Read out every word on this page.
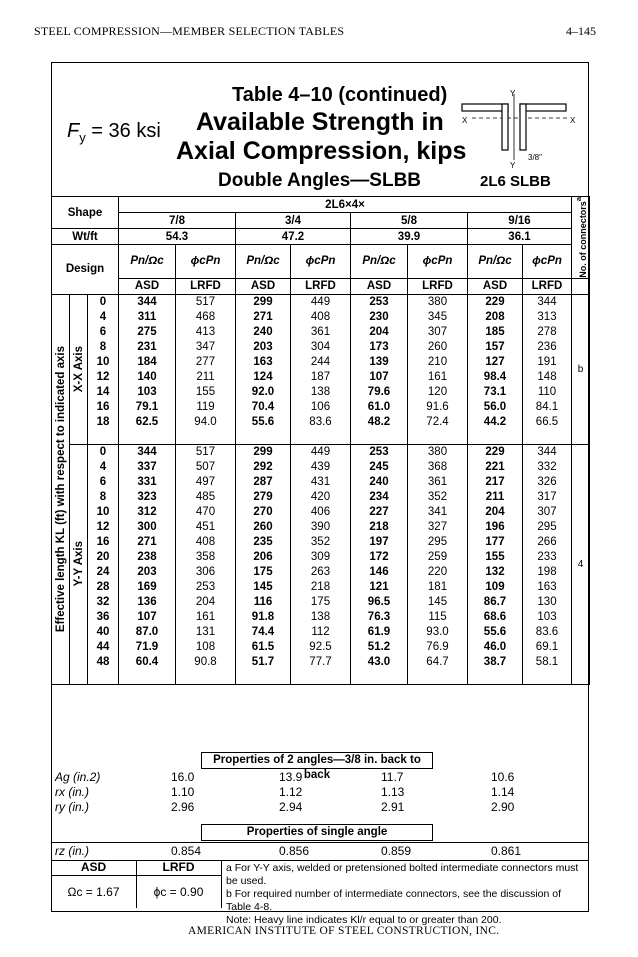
STEEL COMPRESSION—MEMBER SELECTION TABLES	4–145
$F_y = 36$ ksi
Table 4–10 (continued)
Available Strength in
Axial Compression, kips
Double Angles—SLBB	2L6 SLBB
Y
X	X
3/8"
Y
Shape			2L6×4×								No. of connectors$^a$

			7/8		3/4		5/8		9/16		
Wt/ft			54.3		47.2		39.9		36.1		
Design			Pn/Ωc	ϕcPn	Pn/Ωc	ϕcPn	Pn/Ωc	ϕcPn	Pn/Ωc	ϕcPn	
			ASD	LRFD	ASD	LRFD	ASD	LRFD	ASD	LRFD	

Effective length KL (ft) with respect to indicated axis	X-X Axis	0	344	517	299	449	253	380	229	344	b
		4	311	468	271	408	230	345	208	313	
		6	275	413	240	361	204	307	185	278	
		8	231	347	203	304	173	260	157	236	
		10	184	277	163	244	139	210	127	191	
		12	140	211	124	187	107	161	98.4	148	
		14	103	155	92.0	138	79.6	120	73.1	110	
		16	79.1	119	70.4	106	61.0	91.6	56.0	84.1	
		18	62.5	94.0	55.6	83.6	48.2	72.4	44.2	66.5	

	Y-Y Axis	0	344	517	299	449	253	380	229	344	4
		4	337	507	292	439	245	368	221	332	
		6	331	497	287	431	240	361	217	326	
		8	323	485	279	420	234	352	211	317	
		10	312	470	270	406	227	341	204	307	
		12	300	451	260	390	218	327	196	295	
		16	271	408	235	352	197	295	177	266	
		20	238	358	206	309	172	259	155	233	
		24	203	306	175	263	146	220	132	198	
		28	169	253	145	218	121	181	109	163	
		32	136	204	116	175	96.5	145	86.7	130	
		36	107	161	91.8	138	76.3	115	68.6	103	
		40	87.0	131	74.4	112	61.9	93.0	55.6	83.6	
		44	71.9	108	61.5	92.5	51.2	76.9	46.0	69.1	
		48	60.4	90.8	51.7	77.7	43.0	64.7	38.7	58.1	

Properties of 2 angles—3/8 in. back to back
Ag (in.2)	16.0	13.9	11.7	10.6
rx (in.)	1.10	1.12	1.13	1.14
ry (in.)	2.96	2.94	2.91	2.90
Properties of single angle
rz (in.)	0.854	0.856	0.859	0.861
ASD	LRFD
Ωc = 1.67	ϕc = 0.90
a For Y-Y axis, welded or pretensioned bolted intermediate connectors must be used.
b For required number of intermediate connectors, see the discussion of Table 4-8.
Note: Heavy line indicates Kl/r equal to or greater than 200.
AMERICAN INSTITUTE OF STEEL CONSTRUCTION, INC.
